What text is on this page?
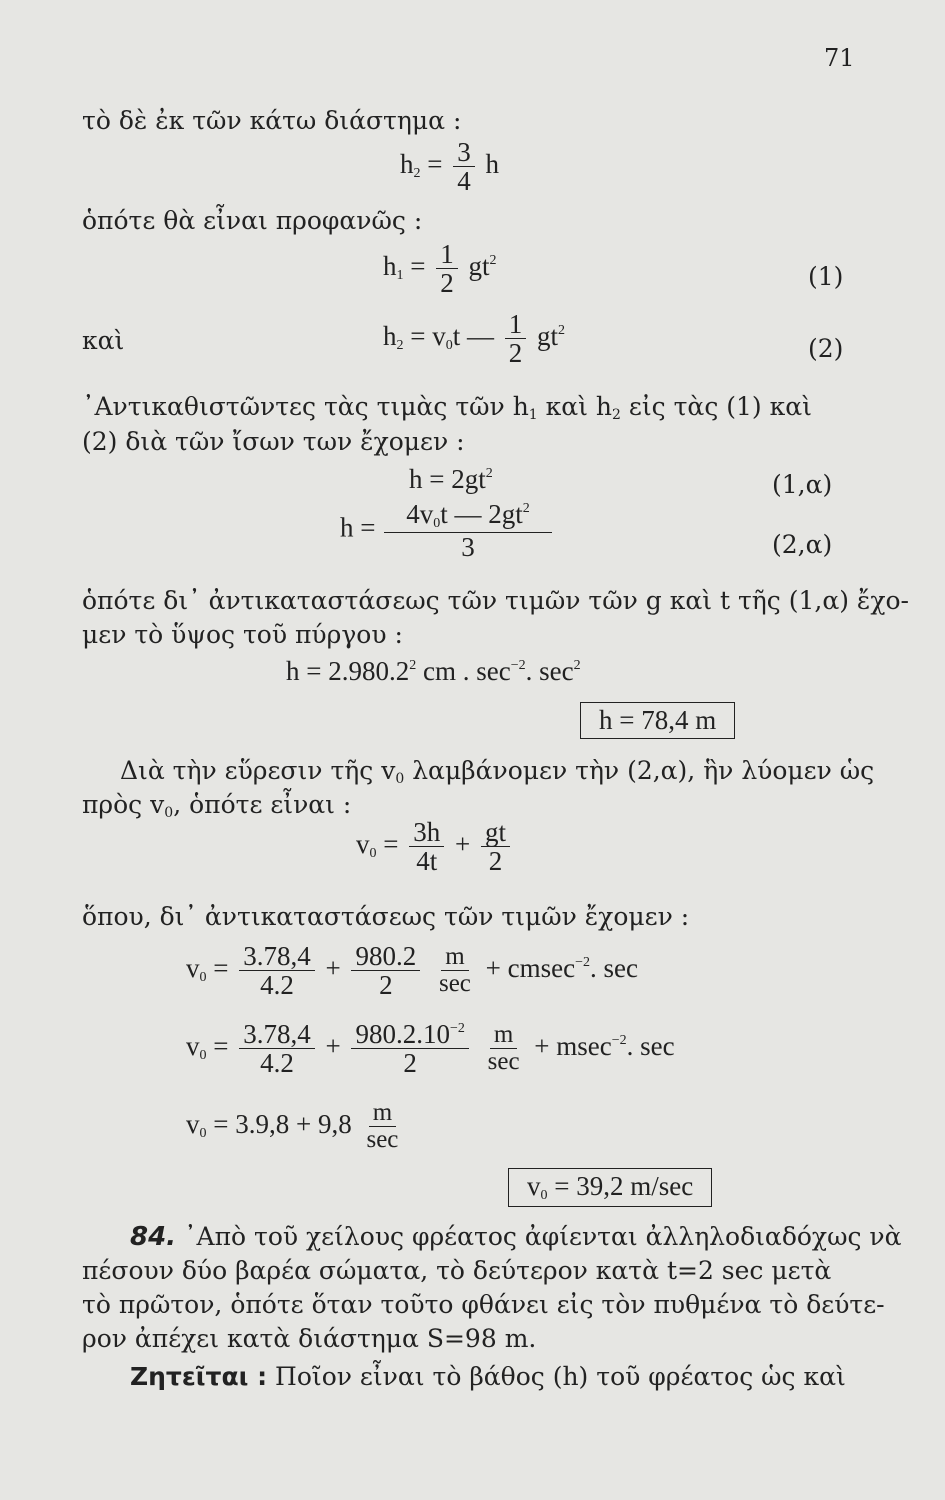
71
τὸ δὲ ἐκ τῶν κάτω διάστημα :
$h_2 = \frac{3}{4}$ h
ὁπότε θὰ εἶναι προφανῶς :
$h_1 = \frac{1}{2} gt^2$
(1)
καὶ	$h_2 = v_0t$ — $\frac{1}{2} gt^2$
(2)
᾿Αντικαθιστῶντες τὰς τιμὰς τῶν $h_1$ καὶ $h_2$ εἰς τὰς (1) καὶ
(2) διὰ τῶν ἴσων των ἔχομεν :
$h = 2gt^2$	(1,α)
$h = \frac{4v_0t — 2gt^2}{3}$	(2,α)
ὁπότε δι᾿ ἀντικαταστάσεως τῶν τιμῶν τῶν g καὶ t τῆς (1,α) ἔχο-
μεν τὸ ὕψος τοῦ πύργου :
$h = 2.980.2^2$ cm . $\sec^{-2}$. $\sec^2$
h = 78,4 m
Διὰ τὴν εὕρεσιν τῆς $v_0$ λαμβάνομεν τὴν (2,α), ἣν λύομεν ὡς
πρὸς $v_0$, ὁπότε εἶναι :
$v_0 = \frac{3h}{4t} + \frac{gt}{2}$
ὅπου, δι᾿ ἀντικαταστάσεως τῶν τιμῶν ἔχομεν :
$v_0 = \frac{3.78,4}{4.2} + \frac{980.2}{2}$
$\frac{m}{\sec} + cmsec^{-2}$. sec
$v_0 = \frac{3.78,4}{4.2} + \frac{980.2.10^{-2}}{2}$
$\frac{m}{\sec} + msec^{-2}$. sec
$v_0 = 3.9,8 + 9,8 \frac{m}{\sec}$
$v_0 = 39,2$ m/sec
84. ᾿Απὸ τοῦ χείλους φρέατος ἀφίενται ἀλληλοδιαδόχως νὰ
πέσουν δύο βαρέα σώματα, τὸ δεύτερον κατὰ t=2 sec μετὰ
τὸ πρῶτον, ὁπότε ὅταν τοῦτο φθάνει εἰς τὸν πυθμένα τὸ δεύτε-
ρον ἀπέχει κατὰ διάστημα S=98 m.
Ζητεῖται : Ποῖον εἶναι τὸ βάθος (h) τοῦ φρέατος ὡς καὶ
